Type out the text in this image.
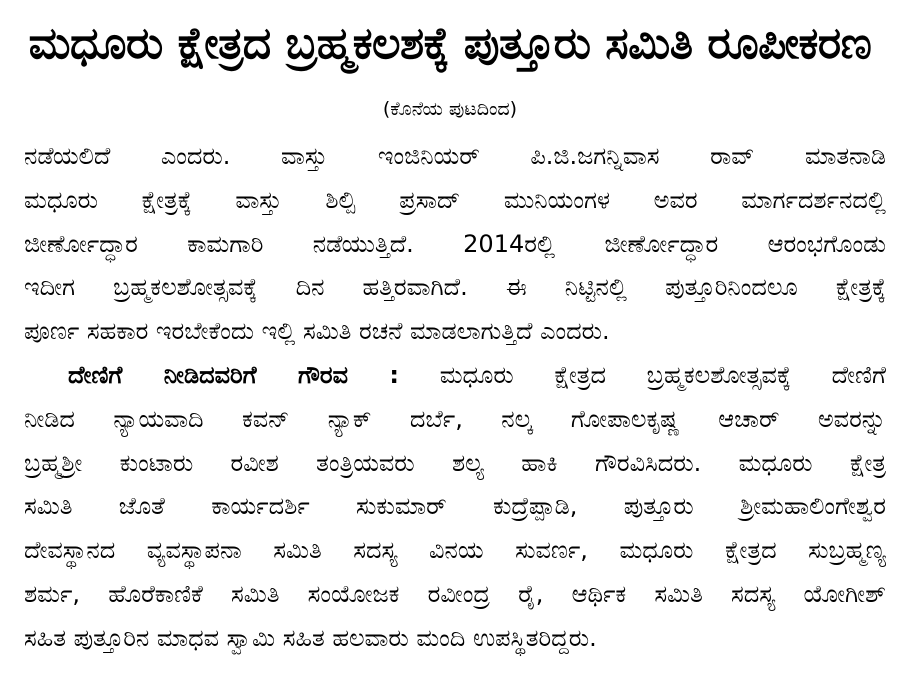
ಮಧೂರು ಕ್ಷೇತ್ರದ ಬ್ರಹ್ಮಕಲಶಕ್ಕೆ ಪುತ್ತೂರು ಸಮಿತಿ ರೂಪೀಕರಣ
(ಕೊನೆಯ ಪುಟದಿಂದ)
ನಡೆಯಲಿದೆ ಎಂದರು. ವಾಸ್ತು ಇಂಜಿನಿಯರ್ ಪಿ.ಜಿ.ಜಗನ್ನಿವಾಸ ರಾವ್ ಮಾತನಾಡಿ
ಮಧೂರು ಕ್ಷೇತ್ರಕ್ಕೆ ವಾಸ್ತು ಶಿಲ್ಪಿ ಪ್ರಸಾದ್ ಮುನಿಯಂಗಳ ಅವರ ಮಾರ್ಗದರ್ಶನದಲ್ಲಿ
ಜೀರ್ಣೋದ್ಧಾರ ಕಾಮಗಾರಿ ನಡೆಯುತ್ತಿದೆ. 2014ರಲ್ಲಿ ಜೀರ್ಣೋದ್ಧಾರ ಆರಂಭಗೊಂಡು
ಇದೀಗ ಬ್ರಹ್ಮಕಲಶೋತ್ಸವಕ್ಕೆ ದಿನ ಹತ್ತಿರವಾಗಿದೆ. ಈ ನಿಟ್ಟಿನಲ್ಲಿ ಪುತ್ತೂರಿನಿಂದಲೂ ಕ್ಷೇತ್ರಕ್ಕೆ
ಪೂರ್ಣ ಸಹಕಾರ ಇರಬೇಕೆಂದು ಇಲ್ಲಿ ಸಮಿತಿ ರಚನೆ ಮಾಡಲಾಗುತ್ತಿದೆ ಎಂದರು.
ದೇಣಿಗೆ ನೀಡಿದವರಿಗೆ ಗೌರವ : ಮಧೂರು ಕ್ಷೇತ್ರದ ಬ್ರಹ್ಮಕಲಶೋತ್ಸವಕ್ಕೆ ದೇಣಿಗೆ
ನೀಡಿದ ನ್ಯಾಯವಾದಿ ಕವನ್ ನ್ಯಾಕ್ ದರ್ಬೆ, ನಲ್ಕ ಗೋಪಾಲಕೃಷ್ಣ ಆಚಾರ್ ಅವರನ್ನು
ಬ್ರಹ್ಮಶ್ರೀ ಕುಂಟಾರು ರವೀಶ ತಂತ್ರಿಯವರು ಶಲ್ಯ ಹಾಕಿ ಗೌರವಿಸಿದರು. ಮಧೂರು ಕ್ಷೇತ್ರ
ಸಮಿತಿ ಜೊತೆ ಕಾರ್ಯದರ್ಶಿ ಸುಕುಮಾರ್ ಕುದ್ರೆಪ್ಪಾಡಿ, ಪುತ್ತೂರು ಶ್ರೀಮಹಾಲಿಂಗೇಶ್ವರ
ದೇವಸ್ಥಾನದ ವ್ಯವಸ್ಥಾಪನಾ ಸಮಿತಿ ಸದಸ್ಯ ವಿನಯ ಸುವರ್ಣ, ಮಧೂರು ಕ್ಷೇತ್ರದ ಸುಬ್ರಹ್ಮಣ್ಯ
ಶರ್ಮ, ಹೊರೆಕಾಣಿಕೆ ಸಮಿತಿ ಸಂಯೋಜಕ ರವೀಂದ್ರ ರೈ, ಆರ್ಥಿಕ ಸಮಿತಿ ಸದಸ್ಯ ಯೋಗೀಶ್
ಸಹಿತ ಪುತ್ತೂರಿನ ಮಾಧವ ಸ್ವಾಮಿ ಸಹಿತ ಹಲವಾರು ಮಂದಿ ಉಪಸ್ಥಿತರಿದ್ದರು.
